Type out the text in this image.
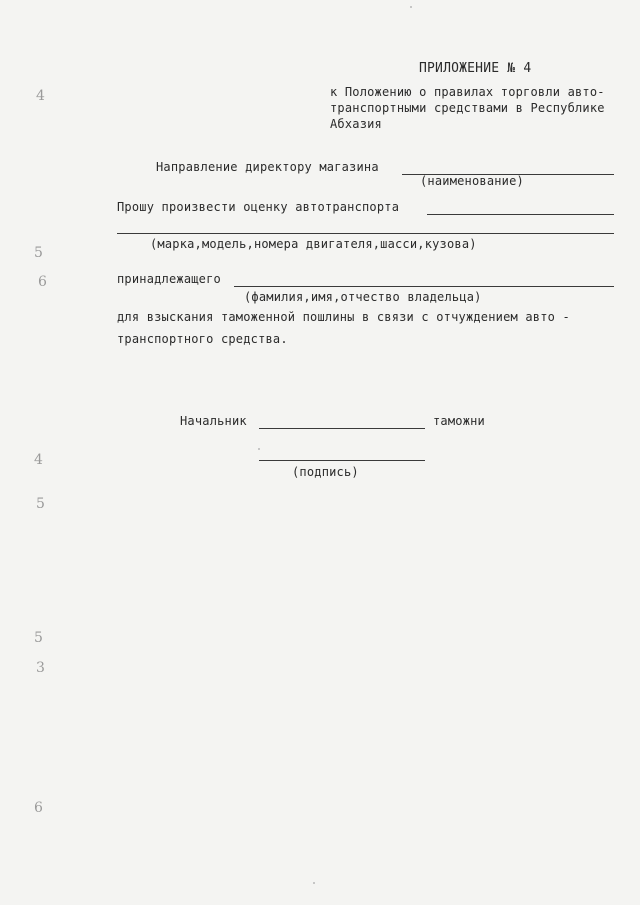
ПРИЛОЖЕНИЕ № 4
к Положению о правилах торговли авто-
транспортными средствами в Республике
Абхазия
Направление директору магазина
(наименование)
Прошу произвести оценку автотранспорта
(марка,модель,номера двигателя,шасси,кузова)
принадлежащего
(фамилия,имя,отчество владельца)
для взыскания таможенной пошлины в связи с отчуждением авто -
транспортного средства.
Начальник	таможни
(подпись)
4
5
6
4
5
5
3
6
